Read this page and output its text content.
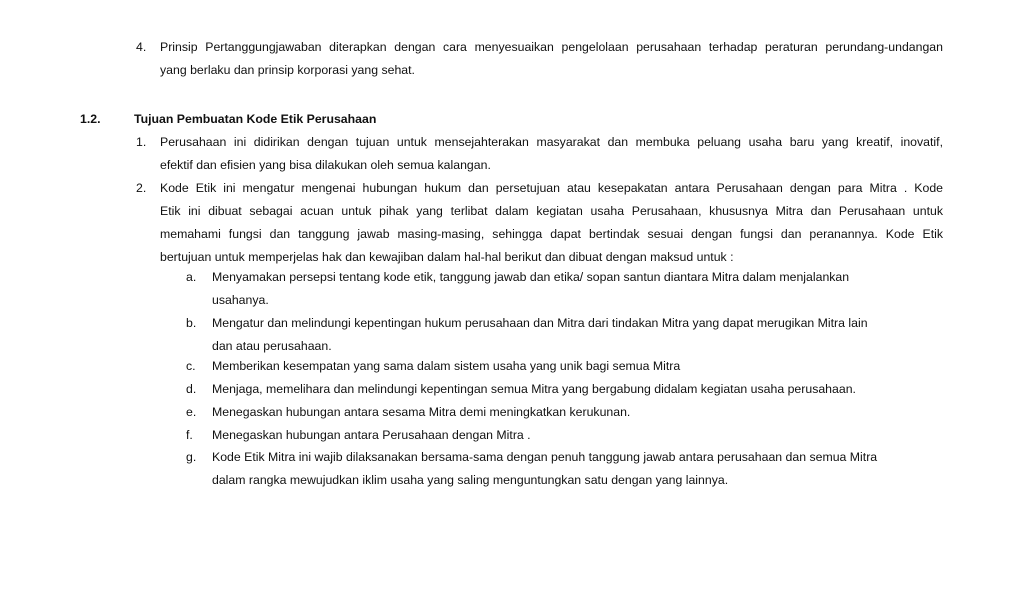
4. Prinsip Pertanggungjawaban diterapkan dengan cara menyesuaikan pengelolaan perusahaan terhadap peraturan perundang-undangan
yang berlaku dan prinsip korporasi yang sehat.
1.2.	Tujuan Pembuatan Kode Etik Perusahaan
1. Perusahaan ini didirikan dengan tujuan untuk mensejahterakan masyarakat dan membuka peluang usaha baru yang kreatif, inovatif,
efektif dan efisien yang bisa dilakukan oleh semua kalangan.
2. Kode Etik ini mengatur mengenai hubungan hukum dan persetujuan atau kesepakatan antara Perusahaan dengan para Mitra . Kode
Etik ini dibuat sebagai acuan untuk pihak yang terlibat dalam kegiatan usaha Perusahaan, khususnya Mitra dan Perusahaan untuk
memahami fungsi dan tanggung jawab masing-masing, sehingga dapat bertindak sesuai dengan fungsi dan peranannya. Kode Etik
bertujuan untuk memperjelas hak dan kewajiban dalam hal-hal berikut dan dibuat dengan maksud untuk :
a. Menyamakan persepsi tentang kode etik, tanggung jawab dan etika/ sopan santun diantara Mitra dalam menjalankan
usahanya.
b. Mengatur dan melindungi kepentingan hukum perusahaan dan Mitra dari tindakan Mitra yang dapat merugikan Mitra lain
dan atau perusahaan.
c. Memberikan kesempatan yang sama dalam sistem usaha yang unik bagi semua Mitra
d. Menjaga, memelihara dan melindungi kepentingan semua Mitra yang bergabung didalam kegiatan usaha perusahaan.
e. Menegaskan hubungan antara sesama Mitra demi meningkatkan kerukunan.
f. Menegaskan hubungan antara Perusahaan dengan Mitra .
g. Kode Etik Mitra ini wajib dilaksanakan bersama-sama dengan penuh tanggung jawab antara perusahaan dan semua Mitra
dalam rangka mewujudkan iklim usaha yang saling menguntungkan satu dengan yang lainnya.
